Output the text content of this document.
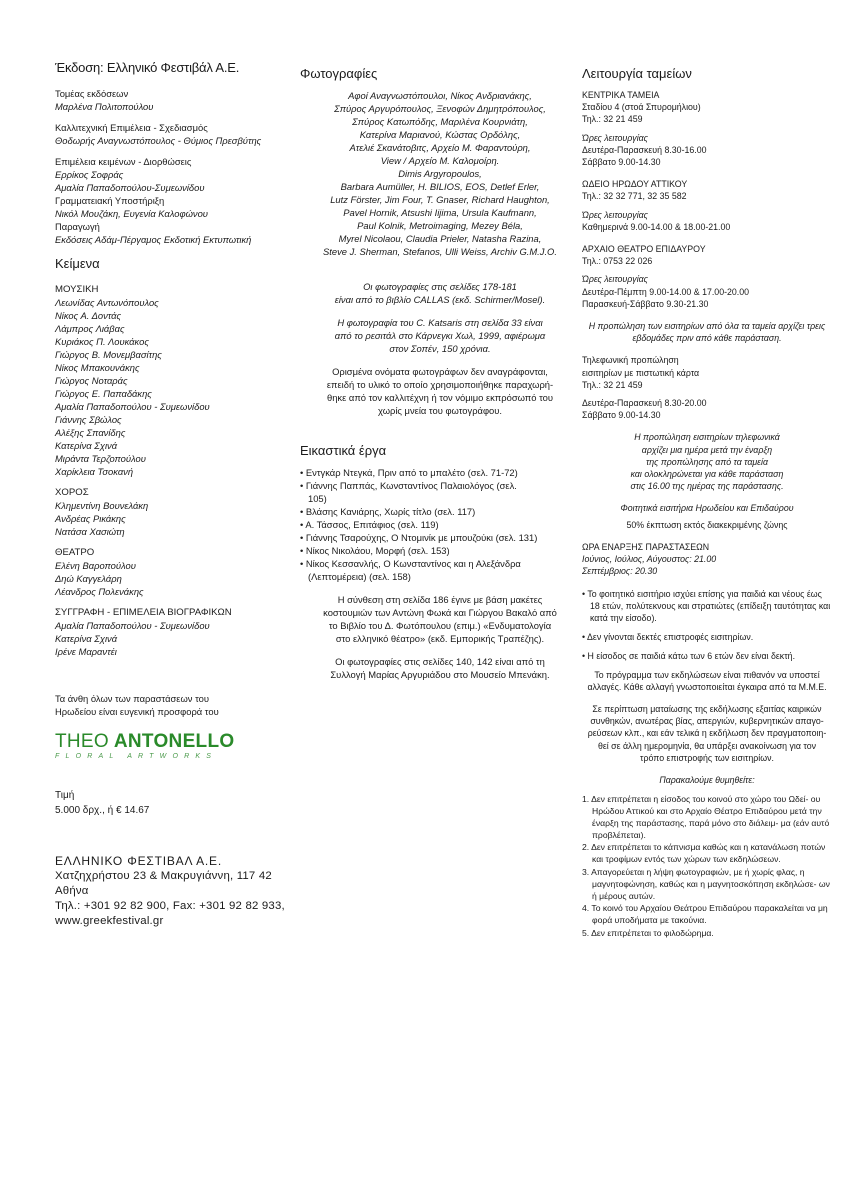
Έκδοση: Ελληνικό Φεστιβάλ Α.Ε.
Τομέας εκδόσεων
Μαρλένα Πολιτοπούλου
Καλλιτεχνική Επιμέλεια - Σχεδιασμός
Θοδωρής Αναγνωστόπουλος - Θύμιος Πρεσβύτης
Επιμέλεια κειμένων - Διορθώσεις
Ερρίκος Σοφράς
Αμαλία Παπαδοπούλου-Συμεωνίδου
Γραμματειακή Υποστήριξη
Νικόλ Μουζάκη, Ευγενία Καλοφώνου
Παραγωγή
Εκδόσεις Αδάμ-Πέργαμος Εκδοτική Εκτυπωτική
Κείμενα
ΜΟΥΣΙΚΗ
Λεωνίδας Αντωνόπουλος
Νίκος Α. Δοντάς
Λάμπρος Λιάβας
Κυριάκος Π. Λουκάκος
Γιώργος Β. Μονεμβασίτης
Νίκος Μπακουνάκης
Γιώργος Νοταράς
Γιώργος Ε. Παπαδάκης
Αμαλία Παπαδοπούλου - Συμεωνίδου
Γιάννης Σβώλος
Αλέξης Σπανίδης
Κατερίνα Σχινά
Μιράντα Τερζοπούλου
Χαρίκλεια Τσοκανή
ΧΟΡΟΣ
Κλημεντίνη Βουνελάκη
Ανδρέας Ρικάκης
Νατάσα Χασιώτη
ΘΕΑΤΡΟ
Ελένη Βαροπούλου
Δηώ Καγγελάρη
Λέανδρος Πολενάκης
ΣΥΓΓΡΑΦΗ - ΕΠΙΜΕΛΕΙΑ ΒΙΟΓΡΑΦΙΚΩΝ
Αμαλία Παπαδοπούλου - Συμεωνίδου
Κατερίνα Σχινά
Ιρένε Μαραντέι
Τα άνθη όλων των παραστάσεων του
Ηρωδείου είναι ευγενική προσφορά του
THEO ANTONELLO
FLORAL ARTWORKS
Τιμή
5.000 δρχ., ή € 14.67
ΕΛΛΗΝΙΚΟ ΦΕΣΤΙΒΑΛ Α.Ε.
Χατζηχρήστου 23 & Μακρυγιάννη, 117 42 Αθήνα
Τηλ.: +301 92 82 900, Fax: +301 92 82 933,
www.greekfestival.gr
Φωτογραφίες
Αφοί Αναγνωστόπουλοι, Νίκος Ανδριανάκης,
Σπύρος Αργυρόπουλος, Ξενοφών Δημητρόπουλος,
Σπύρος Κατωπόδης, Μαριλένα Κουρνιάτη,
Κατερίνα Μαριανού, Κώστας Ορδόλης,
Ατελιέ Σκανάτοβιτς, Αρχείο Μ. Φαραντούρη,
View / Αρχείο Μ. Καλομοίρη.
Dimis Argyropoulos,
Barbara Aumüller, H. BILIOS, EOS, Detlef Erler,
Lutz Förster, Jim Four, T. Gnaser, Richard Haughton,
Pavel Hornik, Atsushi Iijima, Ursula Kaufmann,
Paul Kolnik, Metroimaging, Mezey Béla,
Myrel Nicolaou, Claudia Prieler, Natasha Razina,
Steve J. Sherman, Stefanos, Ulli Weiss, Archiv G.M.J.O.
Οι φωτογραφίες στις σελίδες 178-181
είναι από το βιβλίο CALLAS (εκδ. Schirmer/Mosel).
Η φωτογραφία του C. Katsaris στη σελίδα 33 είναι
από το ρεσιτάλ στο Κάρνεγκι Χωλ, 1999, αφιέρωμα
στον Σοπέν, 150 χρόνια.
Ορισμένα ονόματα φωτογράφων δεν αναγράφονται,
επειδή το υλικό το οποίο χρησιμοποιήθηκε παραχωρή-
θηκε από τον καλλιτέχνη ή τον νόμιμο εκπρόσωπό του
χωρίς μνεία του φωτογράφου.
Εικαστικά έργα
• Εντγκάρ Ντεγκά, Πριν από το μπαλέτο (σελ. 71-72)
• Γιάννης Παππάς, Κωνσταντίνος Παλαιολόγος (σελ. 105)
• Βλάσης Κανιάρης, Χωρίς τίτλο (σελ. 117)
• Α. Τάσσος, Επιτάφιος (σελ. 119)
• Γιάννης Τσαρούχης, Ο Ντομινίκ με μπουζούκι (σελ. 131)
• Νίκος Νικολάου, Μορφή (σελ. 153)
• Νίκος Κεσσανλής, Ο Κωνσταντίνος και η Αλεξάνδρα (Λεπτομέρεια) (σελ. 158)
Η σύνθεση στη σελίδα 186 έγινε με βάση μακέτες
κοστουμιών των Αντώνη Φωκά και Γιώργου Βακαλό από
το Βιβλίο του Δ. Φωτόπουλου (επιμ.) «Ενδυματολογία
στο ελληνικό θέατρο» (εκδ. Εμπορικής Τραπέζης).
Οι φωτογραφίες στις σελίδες 140, 142 είναι από τη
Συλλογή Μαρίας Αργυριάδου στο Μουσείο Μπενάκη.
Λειτουργία ταμείων
ΚΕΝΤΡΙΚΑ ΤΑΜΕΙΑ
Σταδίου 4 (στοά Σπυρομήλιου)
Τηλ.: 32 21 459
Ώρες λειτουργίας
Δευτέρα-Παρασκευή 8.30-16.00
Σάββατο 9.00-14.30
ΩΔΕΙΟ ΗΡΩΔΟΥ ΑΤΤΙΚΟΥ
Τηλ.: 32 32 771, 32 35 582
Ώρες λειτουργίας
Καθημερινά 9.00-14.00 & 18.00-21.00
ΑΡΧΑΙΟ ΘΕΑΤΡΟ ΕΠΙΔΑΥΡΟΥ
Τηλ.: 0753 22 026
Ώρες λειτουργίας
Δευτέρα-Πέμπτη 9.00-14.00 & 17.00-20.00
Παρασκευή-Σάββατο 9.30-21.30
Η προπώληση των εισιτηρίων από όλα τα ταμεία αρχίζει τρεις
εβδομάδες πριν από κάθε παράσταση.
Τηλεφωνική προπώληση
εισιτηρίων με πιστωτική κάρτα
Τηλ.: 32 21 459
Δευτέρα-Παρασκευή 8.30-20.00
Σάββατο 9.00-14.30
Η προπώληση εισιτηρίων τηλεφωνικά
αρχίζει μια ημέρα μετά την έναρξη
της προπώλησης από τα ταμεία
και ολοκληρώνεται για κάθε παράσταση
στις 16.00 της ημέρας της παράστασης.
Φοιτητικά εισιτήρια Ηρωδείου και Επιδαύρου
50% έκπτωση εκτός διακεκριμένης ζώνης
ΩΡΑ ΕΝΑΡΞΗΣ ΠΑΡΑΣΤΑΣΕΩΝ
Ιούνιος, Ιούλιος, Αύγουστος: 21.00
Σεπτέμβριος: 20.30
• Το φοιτητικό εισιτήριο ισχύει επίσης για παιδιά και νέους έως 18 ετών, πολύτεκνους και στρατιώτες (επίδειξη ταυτότητας και κατά την είσοδο).
• Δεν γίνονται δεκτές επιστροφές εισιτηρίων.
• Η είσοδος σε παιδιά κάτω των 6 ετών δεν είναι δεκτή.
Το πρόγραμμα των εκδηλώσεων είναι πιθανόν να υποστεί
αλλαγές. Κάθε αλλαγή γνωστοποιείται έγκαιρα από τα Μ.Μ.Ε.
Σε περίπτωση ματαίωσης της εκδήλωσης εξαιτίας καιρικών
συνθηκών, ανωτέρας βίας, απεργιών, κυβερνητικών απαγο-
ρεύσεων κλπ., και εάν τελικά η εκδήλωση δεν πραγματοποιη-
θεί σε άλλη ημερομηνία, θα υπάρξει ανακοίνωση για τον
τρόπο επιστροφής των εισιτηρίων.
Παρακαλούμε θυμηθείτε:
1. Δεν επιτρέπεται η είσοδος του κοινού στο χώρο του Ωδεί- ου Ηρώδου Αττικού και στο Αρχαίο Θέατρο Επιδαύρου μετά την έναρξη της παράστασης, παρά μόνο στο διάλειμ- μα (εάν αυτό προβλέπεται).
2. Δεν επιτρέπεται το κάπνισμα καθώς και η κατανάλωση ποτών και τροφίμων εντός των χώρων των εκδηλώσεων.
3. Απαγορεύεται η λήψη φωτογραφιών, με ή χωρίς φλας, η μαγνητοφώνηση, καθώς και η μαγνητοσκόπηση εκδηλώσε- ων ή μέρους αυτών.
4. Το κοινό του Αρχαίου Θεάτρου Επιδαύρου παρακαλείται να μη φορά υποδήματα με τακούνια.
5. Δεν επιτρέπεται το φιλοδώρημα.
